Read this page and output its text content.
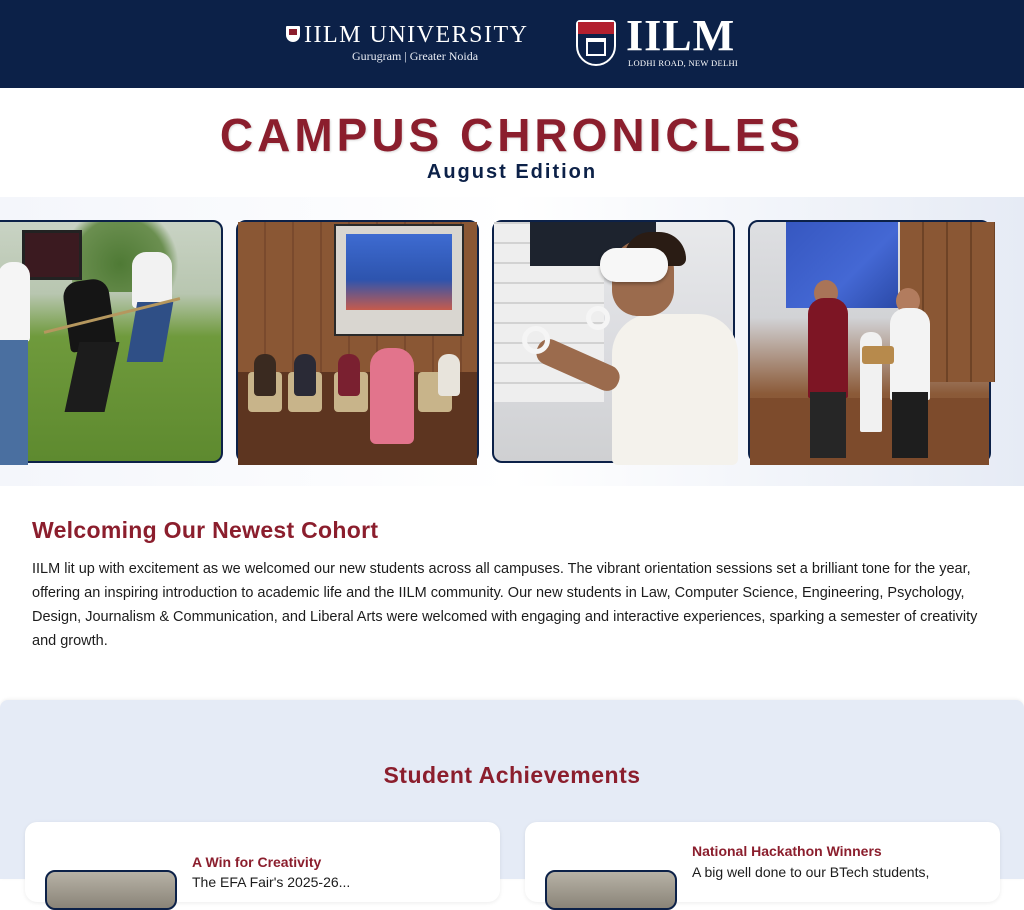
IILM UNIVERSITY
Gurugram | Greater Noida	IILM
LODHI ROAD, NEW DELHI
CAMPUS CHRONICLES
August Edition
Welcoming Our Newest Cohort

IILM lit up with excitement as we welcomed our new students across all campuses. The vibrant orientation sessions set a brilliant tone for the year, offering an inspiring introduction to academic life and the IILM community. Our new students in Law, Computer Science, Engineering, Psychology, Design, Journalism & Communication, and Liberal Arts were welcomed with engaging and interactive experiences, sparking a semester of creativity and growth.

Student Achievements
A Win for Creativity
The EFA Fair's 2025-26...
National Hackathon Winners
A big well done to our BTech students,
